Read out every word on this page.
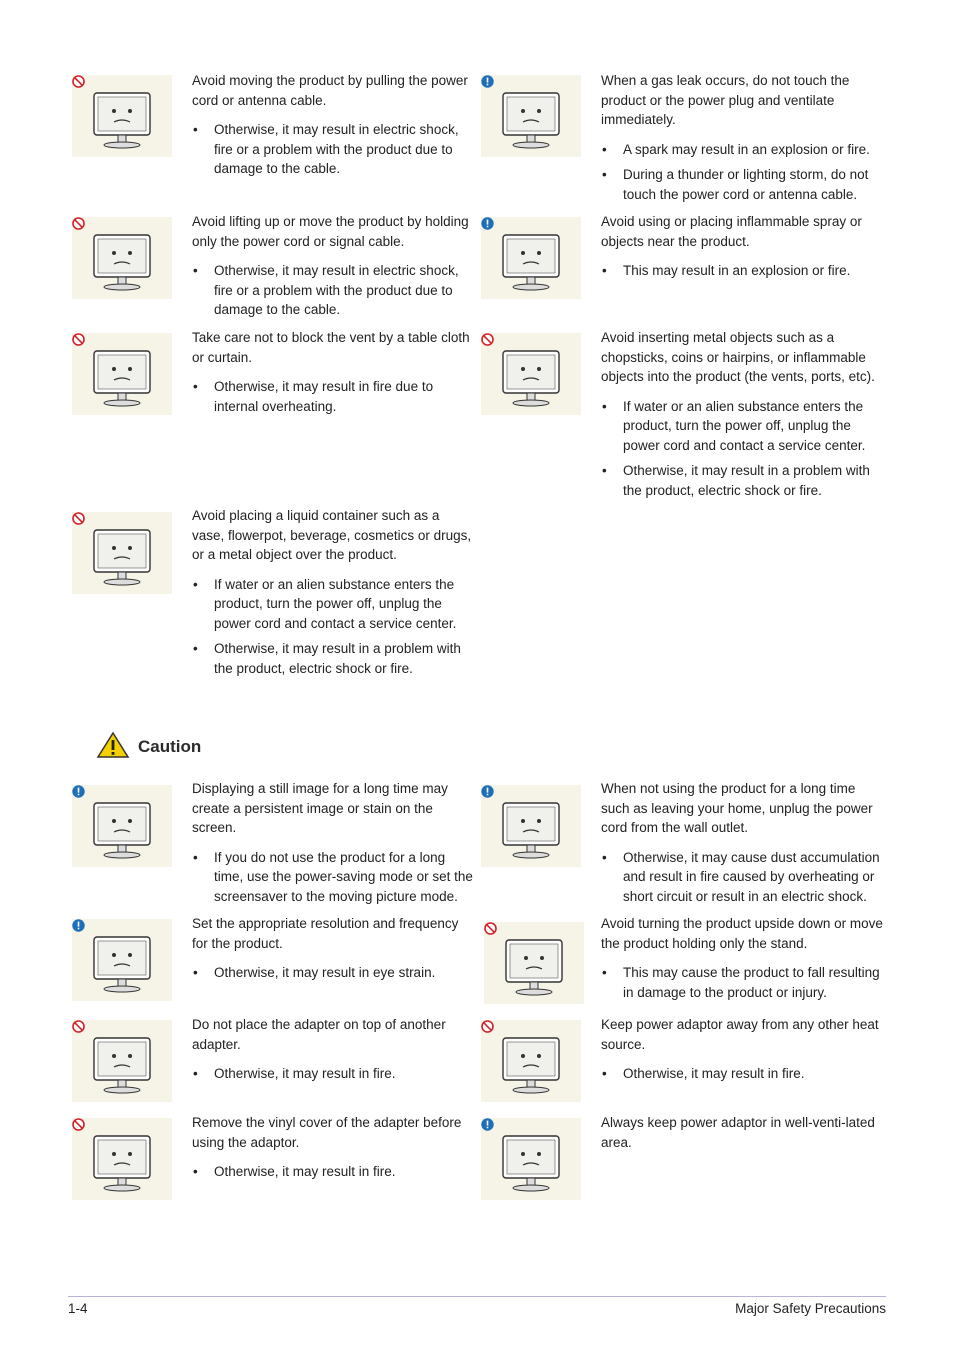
Caution
1-4	Major Safety Precautions

Avoid moving the product by pulling the power cord or antenna cable.

• Otherwise, it may result in electric shock, fire or a problem with the product due to damage to the cable.

Avoid lifting up or move the product by holding only the power cord or signal cable.

• Otherwise, it may result in electric shock, fire or a problem with the product due to damage to the cable.

Take care not to block the vent by a table cloth or curtain.

• Otherwise, it may result in fire due to internal overheating.

Avoid placing a liquid container such as a vase, flowerpot, beverage, cosmetics or drugs, or a metal object over the product.

• If water or an alien substance enters the product, turn the power off, unplug the power cord and contact a service center.
• Otherwise, it may result in a problem with the product, electric shock or fire.

When a gas leak occurs, do not touch the product or the power plug and ventilate immediately.

• A spark may result in an explosion or fire.
• During a thunder or lighting storm, do not touch the power cord or antenna cable.

Avoid using or placing inflammable spray or objects near the product.

• This may result in an explosion or fire.

Avoid inserting metal objects such as a chopsticks, coins or hairpins, or inflammable objects into the product (the vents, ports, etc).

• If water or an alien substance enters the product, turn the power off, unplug the power cord and contact a service center.
• Otherwise, it may result in a problem with the product, electric shock or fire.

Displaying a still image for a long time may create a persistent image or stain on the screen.

• If you do not use the product for a long time, use the power-saving mode or set the screensaver to the moving picture mode.

Set the appropriate resolution and frequency for the product.

• Otherwise, it may result in eye strain.

Do not place the adapter on top of another adapter.

• Otherwise, it may result in fire.

Remove the vinyl cover of the adapter before using the adaptor.

• Otherwise, it may result in fire.

When not using the product for a long time such as leaving your home, unplug the power cord from the wall outlet.

• Otherwise, it may cause dust accumulation and result in fire caused by overheating or short circuit or result in an electric shock.

Avoid turning the product upside down or move the product holding only the stand.

• This may cause the product to fall resulting in damage to the product or injury.

Keep power adaptor away from any other heat source.

• Otherwise, it may result in fire.

Always keep power adaptor in well-venti-lated area.
